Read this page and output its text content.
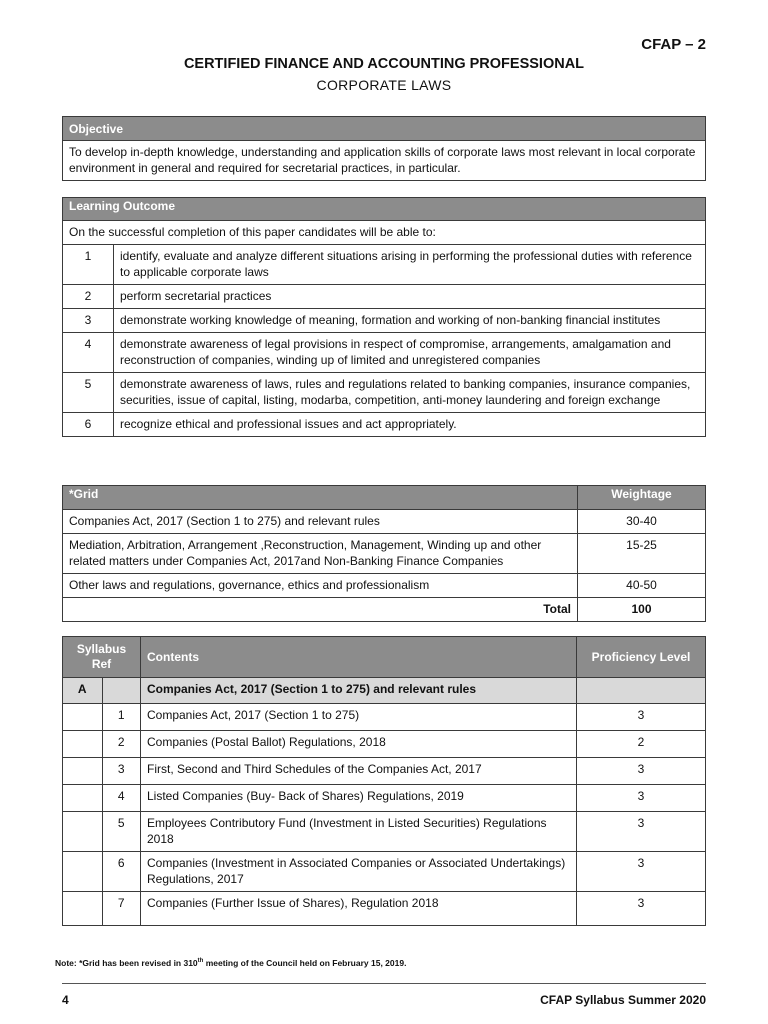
CFAP – 2
CERTIFIED FINANCE AND ACCOUNTING PROFESSIONAL
CORPORATE LAWS
Objective
To develop in-depth knowledge, understanding and application skills of corporate laws most relevant in local corporate environment in general and required for secretarial practices, in particular.
Learning Outcome	
On the successful completion of this paper candidates will be able to:	
1	identify, evaluate and analyze different situations arising in performing the professional duties with reference to applicable corporate laws
2	perform secretarial practices
3	demonstrate working knowledge of meaning, formation and working of non-banking financial institutes
4	demonstrate awareness of legal provisions in respect of compromise, arrangements, amalgamation and reconstruction of companies, winding up of limited and unregistered companies
5	demonstrate awareness of laws, rules and regulations related to banking companies, insurance companies, securities, issue of capital, listing, modarba, competition, anti-money laundering and foreign exchange
6	recognize ethical and professional issues and act appropriately.
*Grid	Weightage
Companies Act, 2017 (Section 1 to 275) and relevant rules	30-40
Mediation, Arbitration, Arrangement ,Reconstruction, Management, Winding up and other related matters under Companies Act, 2017and Non-Banking Finance Companies	15-25
Other laws and regulations, governance, ethics and professionalism	40-50
Total	100
Syllabus Ref		Contents	Proficiency Level
A		Companies Act, 2017 (Section 1 to 275) and relevant rules	
	1	Companies Act, 2017 (Section 1 to 275)	3
	2	Companies (Postal Ballot) Regulations, 2018	2
	3	First, Second and Third Schedules of the Companies Act, 2017	3
	4	Listed Companies (Buy- Back of Shares) Regulations, 2019	3
	5	Employees Contributory Fund (Investment in Listed Securities) Regulations 2018	3
	6	Companies (Investment in Associated Companies or Associated Undertakings) Regulations, 2017	3
	7	Companies (Further Issue of Shares), Regulation 2018	3
Note: *Grid has been revised in 310th meeting of the Council held on February 15, 2019.
4	CFAP Syllabus Summer 2020
